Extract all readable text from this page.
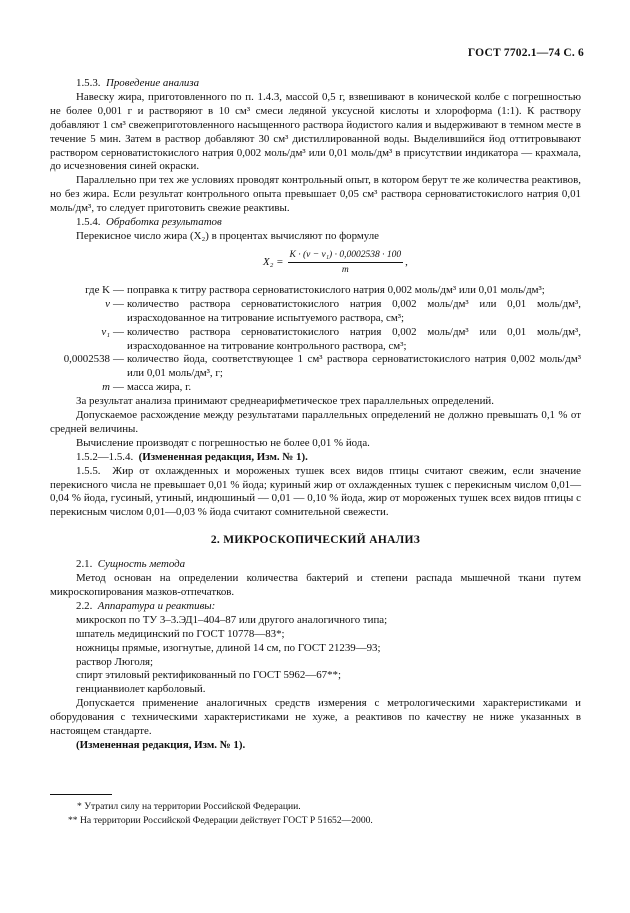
ГОСТ 7702.1—74 С. 6

1.5.3. Проведение анализа

Навеску жира, приготовленного по п. 1.4.3, массой 0,5 г, взвешивают в конической колбе с погрешностью не более 0,001 г и растворяют в 10 см³ смеси ледяной уксусной кислоты и хлороформа (1:1). К раствору добавляют 1 см³ свежеприготовленного насыщенного раствора йодистого калия и выдерживают в темном месте в течение 5 мин. Затем в раствор добавляют 30 см³ дистиллированной воды. Выделившийся йод оттитровывают раствором серноватистокислого натрия 0,002 моль/дм³ или 0,01 моль/дм³ в присутствии индикатора — крахмала, до исчезновения синей окраски.

Параллельно при тех же условиях проводят контрольный опыт, в котором берут те же количества реактивов, но без жира. Если результат контрольного опыта превышает 0,05 см³ раствора серноватистокислого натрия 0,01 моль/дм³, то следует приготовить свежие реактивы.

1.5.4. Обработка результатов

Перекисное число жира (X₂) в процентах вычисляют по формуле

$X_2 = \frac{\text{K · (v − v₁) · 0,0002538 · 100}}{m}$ ,
где K — поправка к титру раствора серноватистокислого натрия 0,002 моль/дм³ или 0,01 моль/дм³;
v — количество раствора серноватистокислого натрия 0,002 моль/дм³ или 0,01 моль/дм³, израсходованное на титрование испытуемого раствора, см³;
v₁ — количество раствора серноватистокислого натрия 0,002 моль/дм³ или 0,01 моль/дм³, израсходованное на титрование контрольного раствора, см³;
0,0002538 — количество йода, соответствующее 1 см³ раствора серноватистокислого натрия 0,002 моль/дм³ или 0,01 моль/дм³, г;
m — масса жира, г.

За результат анализа принимают среднеарифметическое трех параллельных определений.

Допускаемое расхождение между результатами параллельных определений не должно превышать 0,1 % от средней величины.

Вычисление производят с погрешностью не более 0,01 % йода.

1.5.2—1.5.4. (Измененная редакция, Изм. № 1).

1.5.5. Жир от охлажденных и мороженых тушек всех видов птицы считают свежим, если значение перекисного числа не превышает 0,01 % йода; куриный жир от охлажденных тушек с перекисным числом 0,01—0,04 % йода, гусиный, утиный, индюшиный — 0,01 — 0,10 % йода, жир от мороженых тушек всех видов птицы с перекисным числом 0,01—0,03 % йода считают сомнительной свежести.

2. МИКРОСКОПИЧЕСКИЙ АНАЛИЗ

2.1. Сущность метода

Метод основан на определении количества бактерий и степени распада мышечной ткани путем микроскопирования мазков-отпечатков.

2.2. Аппаратура и реактивы:

микроскоп по ТУ 3–3.ЭД1–404–87 или другого аналогичного типа;

шпатель медицинский по ГОСТ 10778—83*;

ножницы прямые, изогнутые, длиной 14 см, по ГОСТ 21239—93;

раствор Люголя;

спирт этиловый ректификованный по ГОСТ 5962—67**;

генцианвиолет карболовый.

Допускается применение аналогичных средств измерения с метрологическими характеристиками и оборудования с техническими характеристиками не хуже, а реактивов по качеству не ниже указанных в настоящем стандарте.

(Измененная редакция, Изм. № 1).

* Утратил силу на территории Российской Федерации.
** На территории Российской Федерации действует ГОСТ Р 51652—2000.
